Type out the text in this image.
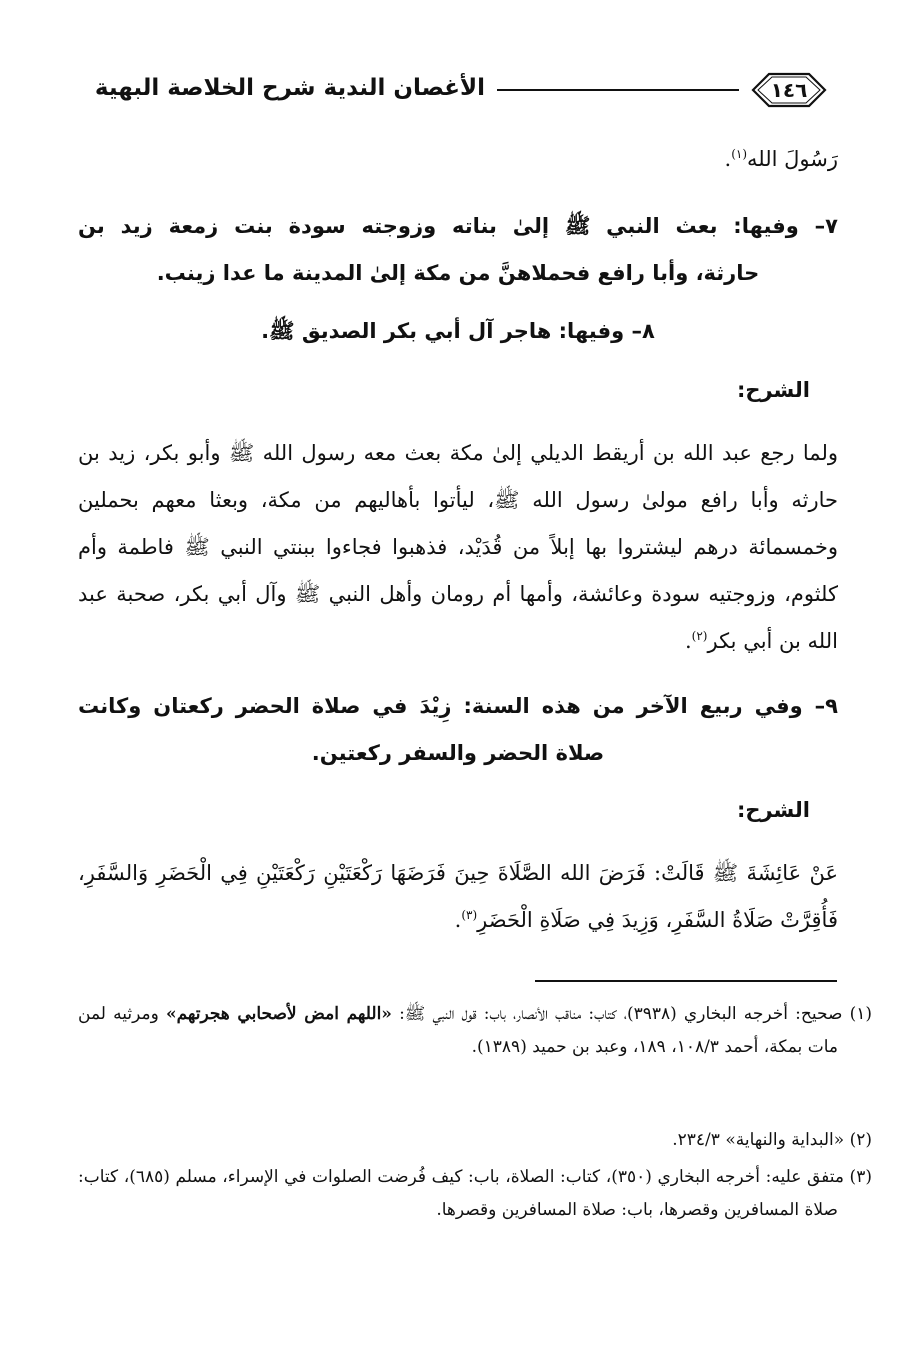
١٤٦
الأغصان الندية شرح الخلاصة البهية
رَسُولَ الله$^{(١)}$.
٧– وفيها: بعث النبي ﷺ إلىٰ بناته وزوجته سودة بنت زمعة زيد بن
حارثة، وأبا رافع فحملاهنَّ من مكة إلىٰ المدينة ما عدا زينب.
٨– وفيها: هاجر آل أبي بكر الصديق ﷺ.
الشرح:
ولما رجع عبد الله بن أريقط الديلي إلىٰ مكة بعث معه رسول الله ﷺ وأبو بكر، زيد بن حارثه وأبا رافع مولىٰ رسول الله ﷺ، ليأتوا بأهاليهم من مكة، وبعثا معهم بحملين وخمسمائة درهم ليشتروا بها إبلاً من قُدَيْد، فذهبوا فجاءوا ببنتي النبي ﷺ فاطمة وأم كلثوم، وزوجتيه سودة وعائشة، وأمها أم رومان وأهل النبي ﷺ وآل أبي بكر، صحبة عبد الله بن أبي بكر$^{(٢)}$.
٩– وفي ربيع الآخر من هذه السنة: زِيْدَ في صلاة الحضر ركعتان وكانت
صلاة الحضر والسفر ركعتين.
الشرح:
عَنْ عَائِشَةَ ﷺ قَالَتْ: فَرَضَ الله الصَّلَاةَ حِينَ فَرَضَهَا رَكْعَتَيْنِ رَكْعَتَيْنِ فِي الْحَضَرِ وَالسَّفَرِ، فَأُقِرَّتْ صَلَاةُ السَّفَرِ، وَزِيدَ فِي صَلَاةِ الْحَضَرِ$^{(٣)}$.
(١) صحيح: أخرجه البخاري (٣٩٣٨)، كتاب: مناقب الأنصار، باب: قول النبي ﷺ: «اللهم امض لأصحابي هجرتهم» ومرثيه لمن مات بمكة، أحمد ١٠٨/٣، ١٨٩، وعبد بن حميد (١٣٨٩).
(٢) «البداية والنهاية» ٢٣٤/٣.
(٣) متفق عليه: أخرجه البخاري (٣٥٠)، كتاب: الصلاة، باب: كيف فُرضت الصلوات في الإسراء، مسلم (٦٨٥)، كتاب: صلاة المسافرين وقصرها، باب: صلاة المسافرين وقصرها.
